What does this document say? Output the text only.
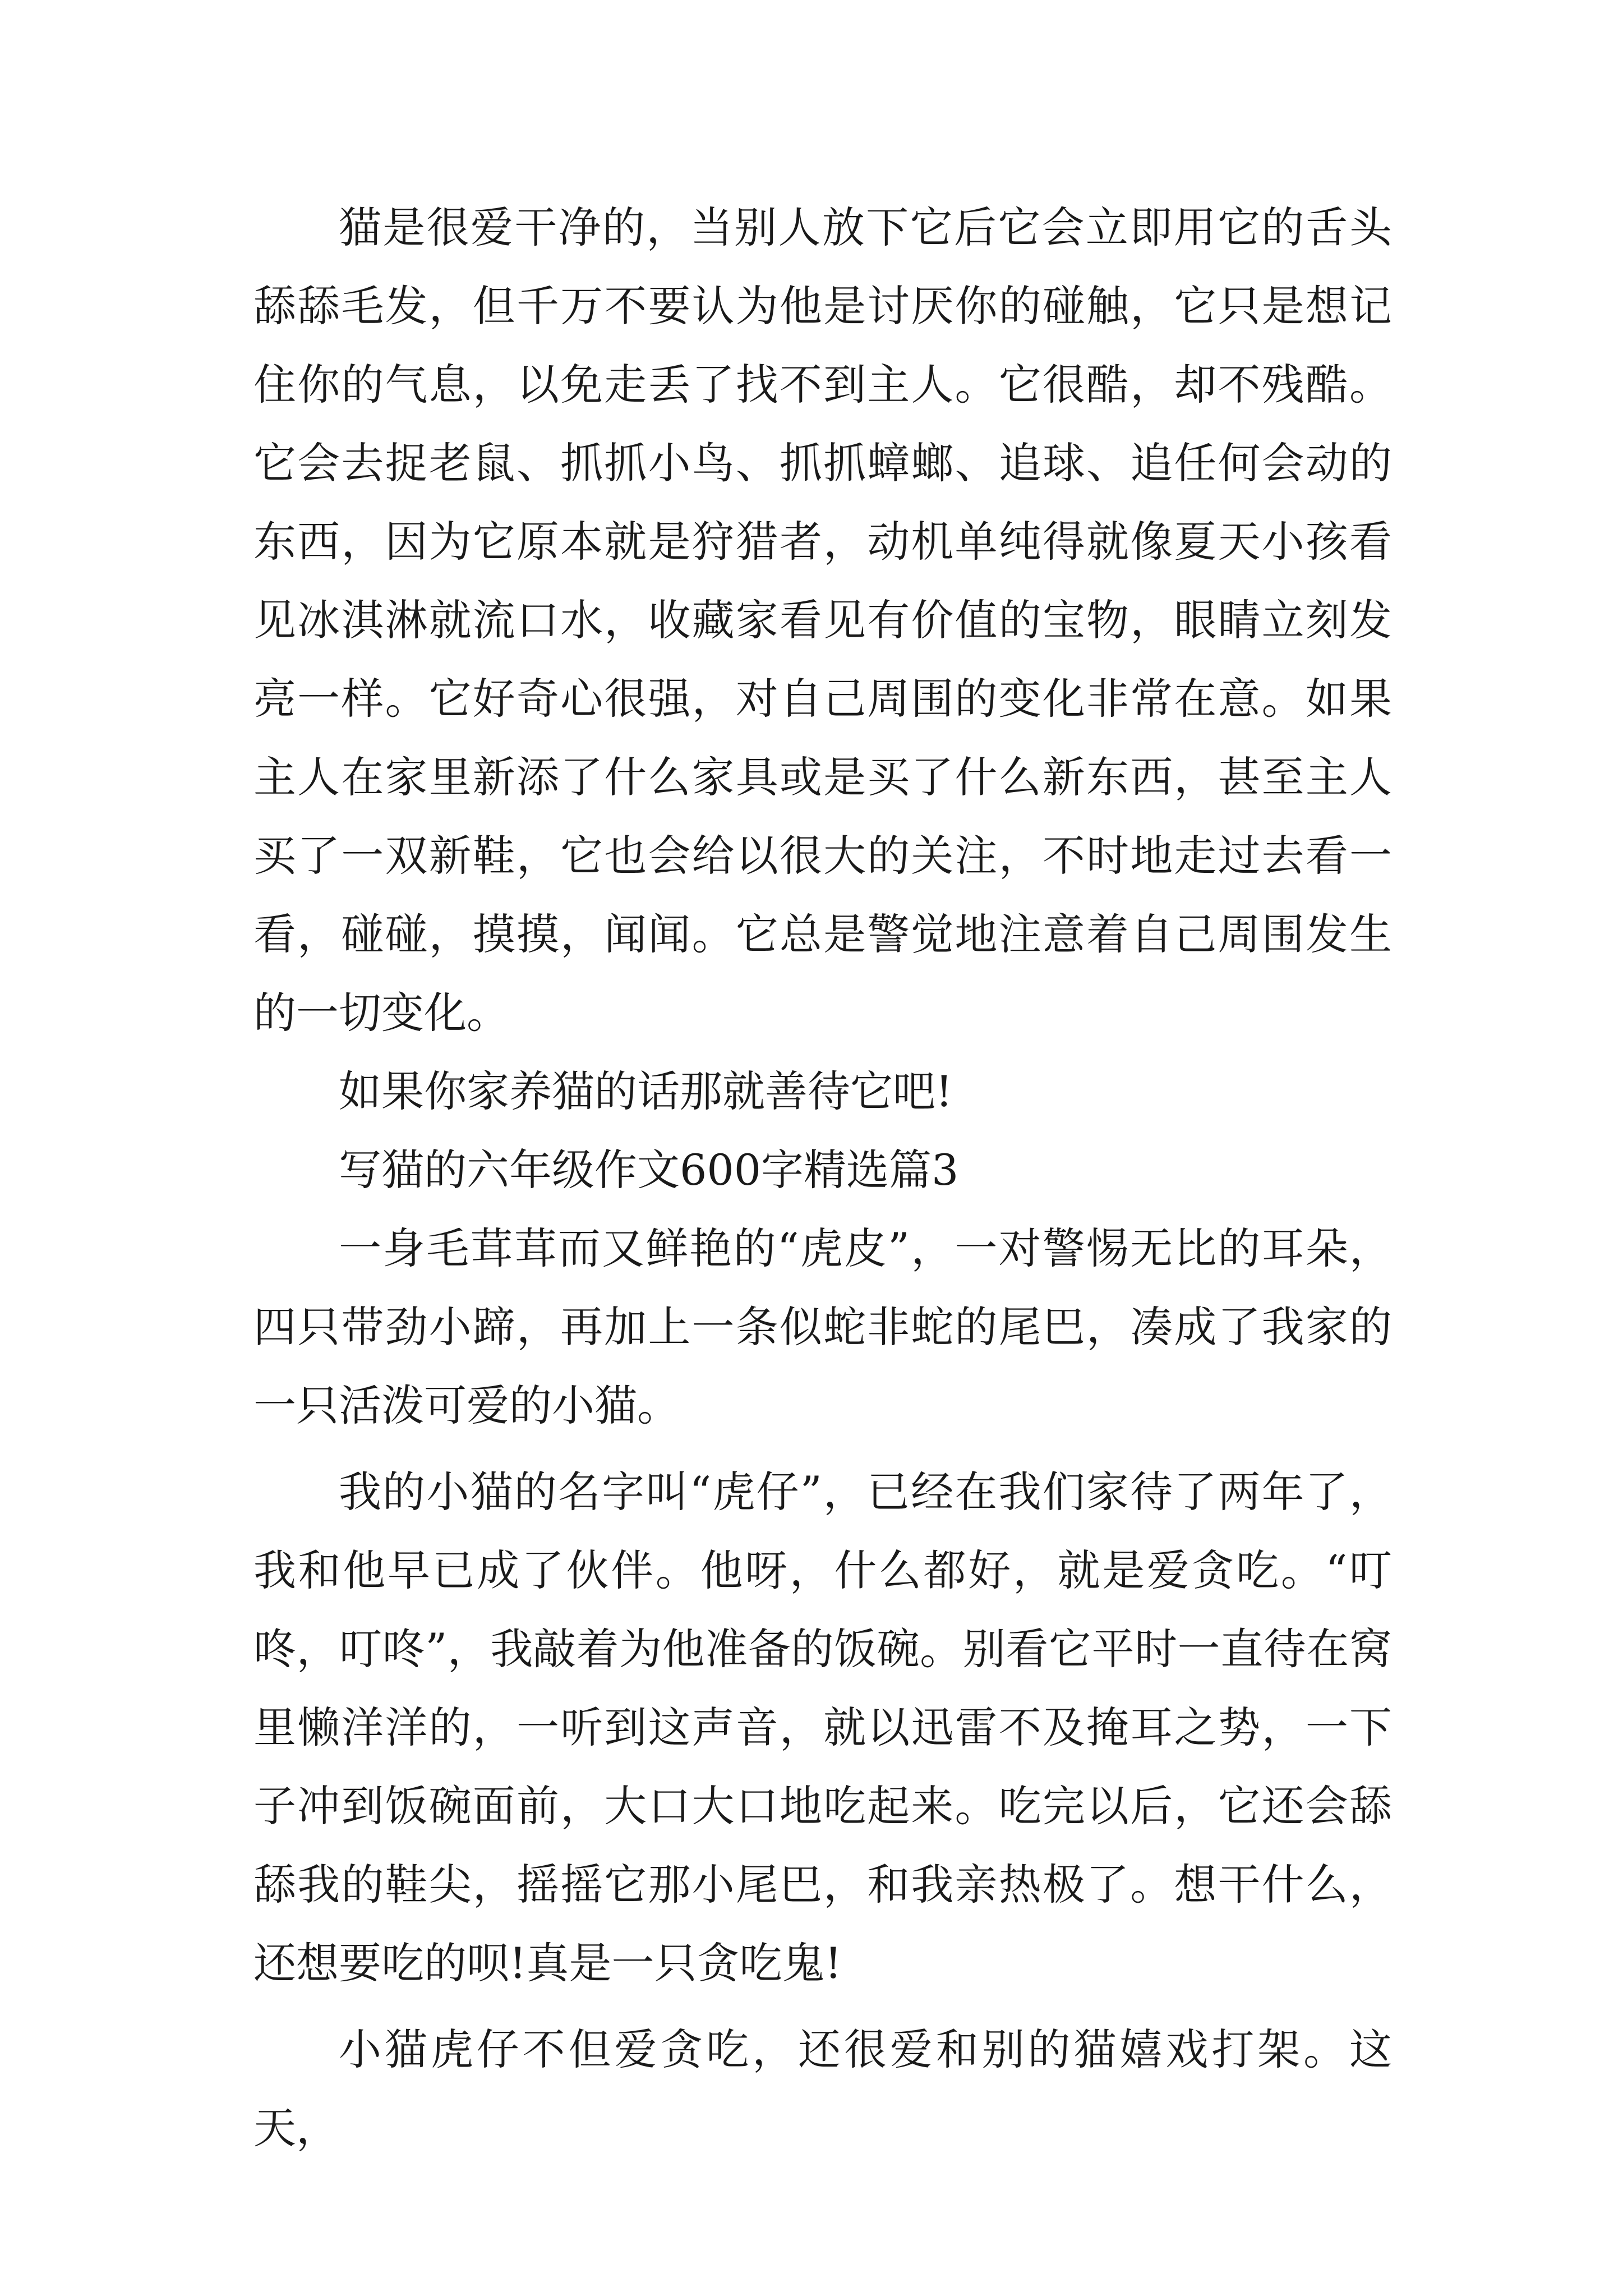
猫是很爱干净的，当别人放下它后它会立即用它的舌头舔舔毛发，但千万不要认为他是讨厌你的碰触，它只是想记住你的气息，以免走丢了找不到主人。它很酷，却不残酷。它会去捉老鼠、抓抓小鸟、抓抓蟑螂、追球、追任何会动的东西，因为它原本就是狩猎者，动机单纯得就像夏天小孩看见冰淇淋就流口水，收藏家看见有价值的宝物，眼睛立刻发亮一样。它好奇心很强，对自己周围的变化非常在意。如果主人在家里新添了什么家具或是买了什么新东西，甚至主人买了一双新鞋，它也会给以很大的关注，不时地走过去看一看，碰碰，摸摸，闻闻。它总是警觉地注意着自己周围发生的一切变化。

如果你家养猫的话那就善待它吧!

写猫的六年级作文600字精选篇3

一身毛茸茸而又鲜艳的“虎皮”，一对警惕无比的耳朵，四只带劲小蹄，再加上一条似蛇非蛇的尾巴，凑成了我家的一只活泼可爱的小猫。

我的小猫的名字叫“虎仔”，已经在我们家待了两年了，我和他早已成了伙伴。他呀，什么都好，就是爱贪吃。“叮咚，叮咚”，我敲着为他准备的饭碗。别看它平时一直待在窝里懒洋洋的，一听到这声音，就以迅雷不及掩耳之势，一下子冲到饭碗面前，大口大口地吃起来。吃完以后，它还会舔舔我的鞋尖，摇摇它那小尾巴，和我亲热极了。想干什么，还想要吃的呗!真是一只贪吃鬼!

小猫虎仔不但爱贪吃，还很爱和别的猫嬉戏打架。这天，
